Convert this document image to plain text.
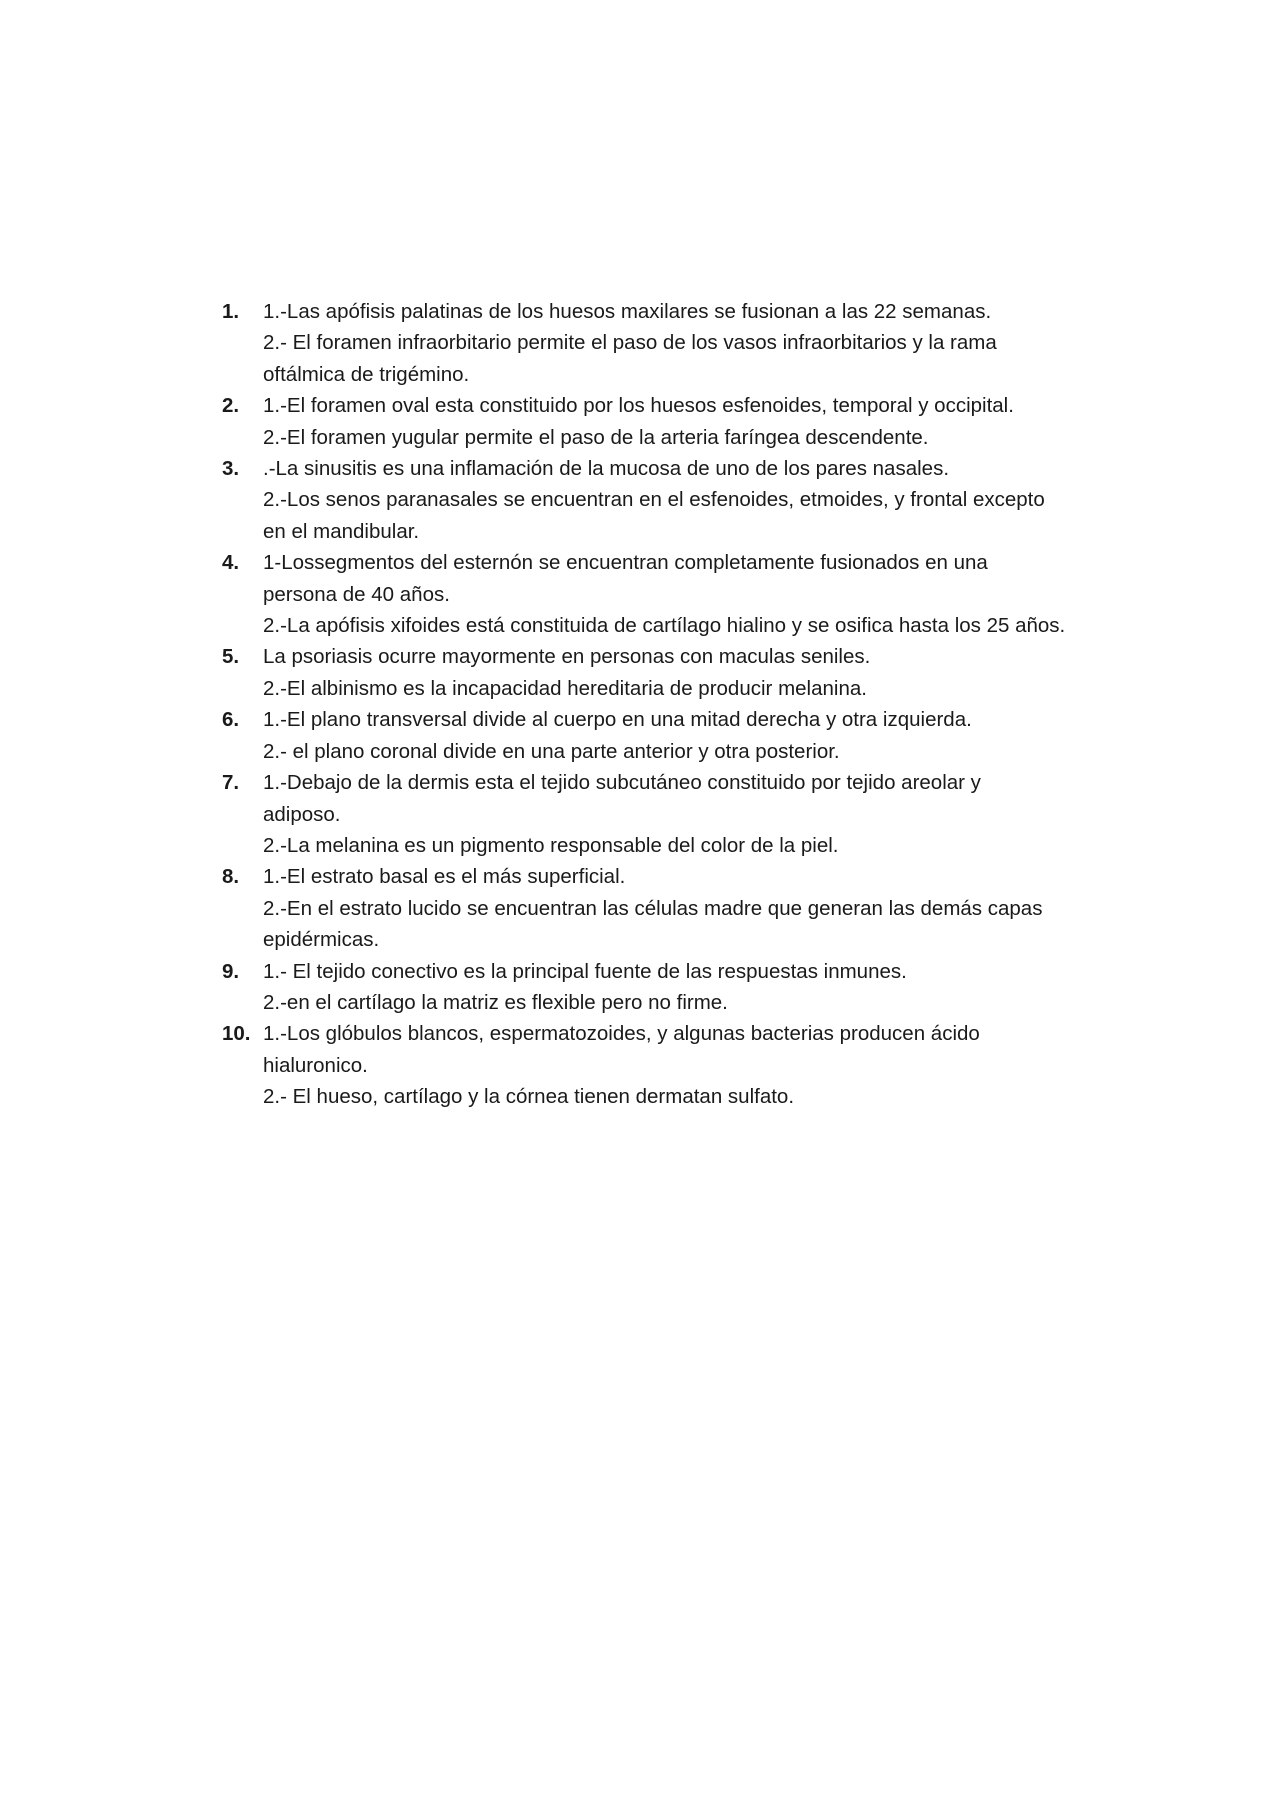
1.	1.-Las apófisis palatinas de los huesos maxilares se fusionan a las 22 semanas.
2.- El foramen infraorbitario permite el paso de los vasos infraorbitarios y la rama
oftálmica de trigémino.
2.	1.-El foramen oval esta constituido por los huesos esfenoides, temporal y occipital.
2.-El foramen yugular permite el paso de la arteria faríngea descendente.
3.	.-La sinusitis es una inflamación de la mucosa de uno de los pares nasales.
2.-Los senos paranasales se encuentran en el esfenoides, etmoides, y frontal excepto
en el mandibular.
4.	1-Lossegmentos del esternón se encuentran completamente fusionados en una
persona de 40 años.
2.-La apófisis xifoides está constituida de cartílago hialino y se osifica hasta los 25 años.
5.	La psoriasis ocurre mayormente en personas con maculas seniles.
2.-El albinismo es la incapacidad hereditaria de producir melanina.
6.	1.-El plano transversal divide al cuerpo en una mitad derecha y otra izquierda.
2.- el plano coronal divide en una parte anterior y otra posterior.
7.	1.-Debajo de la dermis esta el tejido subcutáneo constituido por tejido areolar y
adiposo.
2.-La melanina es un pigmento responsable del color de la piel.
8.	1.-El estrato basal es el más superficial.
2.-En el estrato lucido se encuentran las células madre que generan las demás capas
epidérmicas.
9.	1.- El tejido conectivo es la principal fuente de las respuestas inmunes.
2.-en el cartílago la matriz es flexible pero no firme.
10. 1.-Los glóbulos blancos, espermatozoides, y algunas bacterias producen ácido
hialuronico.
2.- El hueso, cartílago y la córnea tienen dermatan sulfato.
